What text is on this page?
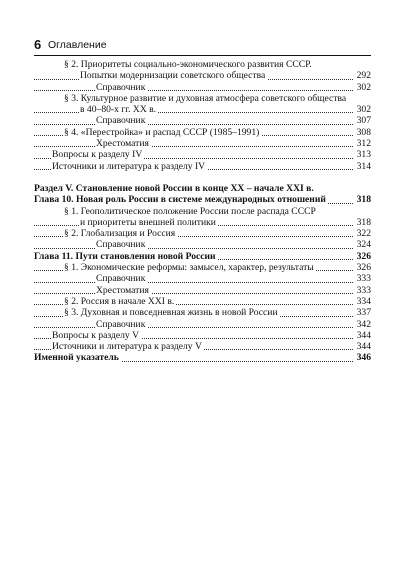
6 Оглавление
§ 2. Приоритеты социально-экономического развития СССР.
Попытки модернизации советского общества	292
Справочник	302
§ 3. Культурное развитие и духовная атмосфера советского общества
в 40–80-х гг. XX в.	302
Справочник	307
§ 4. «Перестройка» и распад СССР (1985–1991)	308
Хрестоматия	312
Вопросы к разделу IV	313
Источники и литература к разделу IV	314
Раздел V. Становление новой России в конце XX – начале XXI в.
Глава 10. Новая роль России в системе международных отношений	318
§ 1. Геополитическое положение России после распада СССР
и приоритеты внешней политики	318
§ 2. Глобализация и Россия	322
Справочник	324
Глава 11. Пути становления новой России	326
§ 1. Экономические реформы: замысел, характер, результаты	326
Справочник	333
Хрестоматия	333
§ 2. Россия в начале XXI в.	334
§ 3. Духовная и повседневная жизнь в новой России	337
Справочник	342
Вопросы к разделу V	344
Источники и литература к разделу V	344
Именной указатель	346
